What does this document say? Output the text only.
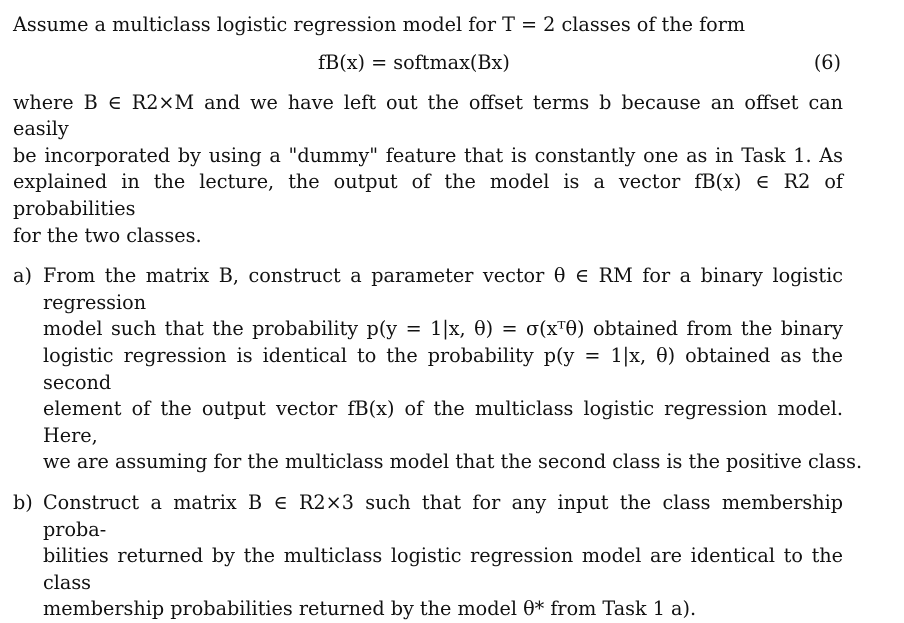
Assume a multiclass logistic regression model for T = 2 classes of the form
fB(x) = softmax(Bx)	(6)
where B ∈ R2×M and we have left out the offset terms b because an offset can easily
be incorporated by using a "dummy" feature that is constantly one as in Task 1. As
explained in the lecture, the output of the model is a vector fB(x) ∈ R2 of probabilities
for the two classes.
a) From the matrix B, construct a parameter vector θ ∈ RM for a binary logistic regression
model such that the probability p(y = 1|x, θ) = σ(xᵀθ) obtained from the binary
logistic regression is identical to the probability p(y = 1|x, θ) obtained as the second
element of the output vector fB(x) of the multiclass logistic regression model. Here,
we are assuming for the multiclass model that the second class is the positive class.
b) Construct a matrix B ∈ R2×3 such that for any input the class membership proba-
bilities returned by the multiclass logistic regression model are identical to the class
membership probabilities returned by the model θ* from Task 1 a).
